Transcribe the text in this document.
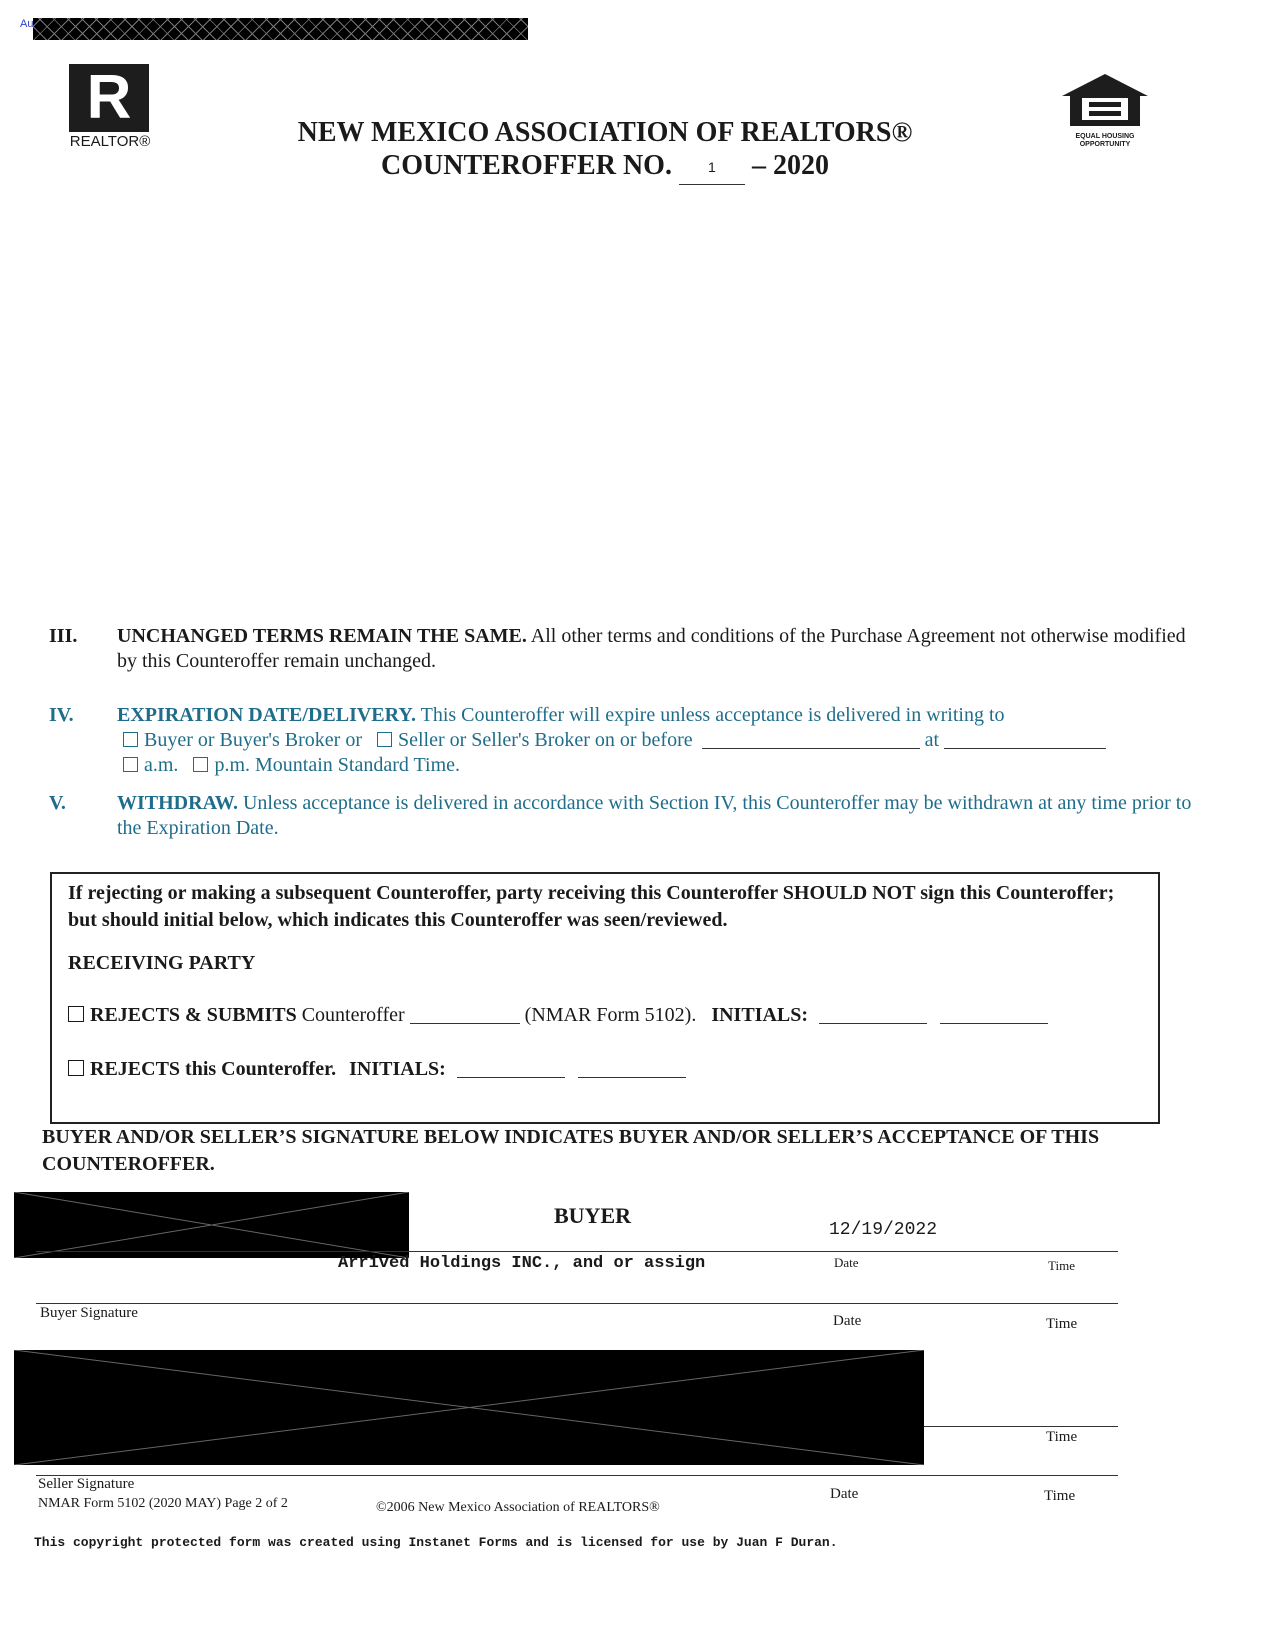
Au
R
REALTOR®	EQUAL HOUSING OPPORTUNITY
NEW MEXICO ASSOCIATION OF REALTORS®
COUNTEROFFER NO.	1 – 2020
III. UNCHANGED TERMS REMAIN THE SAME. All other terms and conditions of the Purchase Agreement not otherwise modified by this Counteroffer remain unchanged.
IV. EXPIRATION DATE/DELIVERY. This Counteroffer will expire unless acceptance is delivered in writing to
Buyer or Buyer's Broker or Seller or Seller's Broker on or before	at
a.m. p.m. Mountain Standard Time.
V.	WITHDRAW. Unless acceptance is delivered in accordance with Section IV, this Counteroffer may be withdrawn at any time prior to the Expiration Date.
If rejecting or making a subsequent Counteroffer, party receiving this Counteroffer SHOULD NOT sign this Counteroffer; but should initial below, which indicates this Counteroffer was seen/reviewed.
RECEIVING PARTY
REJECTS & SUBMITS Counteroffer	(NMAR Form 5102). INITIALS:
REJECTS this Counteroffer. INITIALS:
BUYER AND/OR SELLER’S SIGNATURE BELOW INDICATES BUYER AND/OR SELLER’S ACCEPTANCE OF THIS COUNTEROFFER.
BUYER
12/19/2022
Arrived Holdings INC., and or assign	Date	Time
Buyer Signature	Date	Time
Time
Seller Signature
Date	Time
NMAR Form 5102 (2020 MAY) Page 2 of 2	©2006 New Mexico Association of REALTORS®
This copyright protected form was created using Instanet Forms and is licensed for use by Juan F Duran.
